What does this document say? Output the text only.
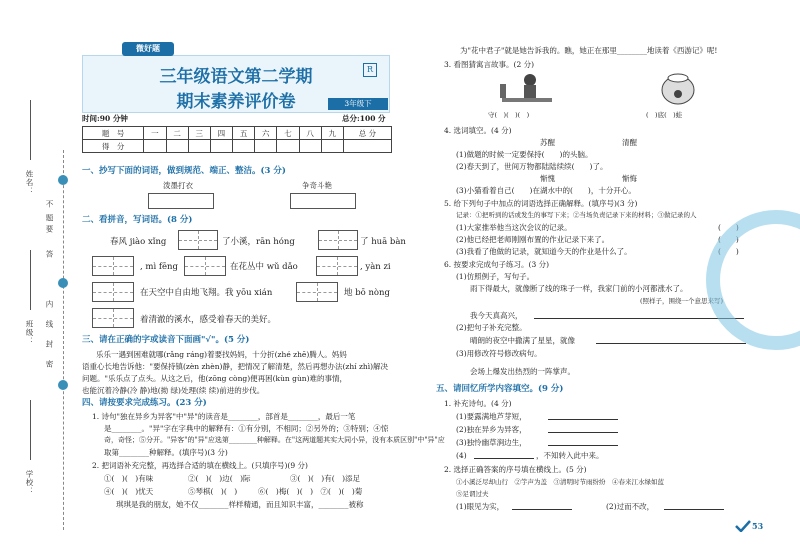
姓名：
班级：
学校：
不
要
答
题
内
线
封
密
三年级语文第二学期
期末素养评价卷
微好题
R
3年级下
时间:90 分钟	总分:100 分
题　号	一	二	三	四	五	六	七	八	九	总 分
得　分										
一、抄写下面的词语，做到规范、端正、整洁。(3 分)
泼墨打衣	争奇斗艳
二、看拼音，写词语。(8 分)
春风 jiào xǐng	了小溪，rān hóng	了 huā bàn
, mì fēng	在花丛中 wǔ dǎo	, yàn zi
在天空中自由地飞翔。我 yōu xián	地 bō nòng
着清澈的溪水，感受着春天的美好。
三、请在正确的字或读音下面画"√"。(5 分)
乐乐一遇到困难就哪(rǎng ráng)着要找妈妈，十分折(zhé zhē)腾人。妈妈
语重心长地告诉他："要保持镇(zèn zhèn)静，把情况了解清楚，然后再想办法(zhí zhì)解决
问题。"乐乐点了点头。从这之后，他(zōng còng)便再困(kùn gùn)难的事情，
也能沉着冷静(冷 静)地(拗 绿)处理(续 续)前进的步伐。
四、请按要求完成练习。(23 分)
1. 诗句"独在异乡为异客"中"异"的读音是________，部首是________，最后一笔
是________。"异"字在字典中的解释有：①有分别，不相同；②另外的；③特别；④惊
奇，奇怪；⑤分开。"异客"的"异"应选第________种解释。在"这两道题其实大同小异，没有本质区别"中"异"应
取第________种解释。(填序号)(3 分)
2. 把词语补充完整，再选择合适的填在横线上。(只填序号)(9 分)
①(　)(　)有味	②(　)(　)边(　)际	③(　)(　)有(　)添足
④(　)(　)忧天	⑤琴棋(　)(　)	⑥(　)梅(　)(　)　⑦(　)(　)菊
琪琪是我的朋友，她不仅________样样精通，而且知识丰富，________被称
为"花中君子"就是她告诉我的。瞧，她正在那里________地读着《西游记》呢!
3. 看图猜寓言故事。(2 分)
守(　)(　)(　)	(　)底(　)蛙
4. 选词填空。(4 分)
苏醒	清醒
(1)做题的时候一定要保持(　　)的头脑。
(2)春天到了，世间万物都陆陆续续(　　)了。
惭愧	惭悔
(3)小猫看着自己(　　)在湖水中的(　　)，十分开心。
5. 给下列句子中加点的词语选择正确解释。(填序号)(3 分)
记录：①把听到的话或发生的事写下来；②当场负责记录下来的材料；③做记录的人
(1)大家推举他当这次会议的记录。	(　　)
(2)他已经把老师刚刚布置的作业记录下来了。	(　　)
(3)我看了他做的记录，就知道今天的作业是什么了。	(　　)
6. 按要求完成句子练习。(3 分)
(1)仿照例子，写句子。
雨下得最大，就像断了线的珠子一样，我家门前的小河都涨水了。
(照样子，围绕一个意思来写)
我今天真高兴，
(2)把句子补充完整。
晴朗的夜空中撒满了星星，就像
(3)用修改符号修改病句。
会场上爆发出热烈的一阵掌声。
五、请回忆所学内容填空。(9 分)
1. 补充诗句。(4 分)
(1)要露满地芦芽短，
(2)独在异乡为异客，
(3)独怜幽草涧边生，
(4)	，不知转入此中来。
2. 选择正确答案的序号填在横线上。(5 分)
①小溪泛尽却山行　②竽声为盖　③清明时节雨纷纷　④春来江水绿如蓝
⑤足谓过夫
(1)眼见为实，	(2)过而不改，
53
